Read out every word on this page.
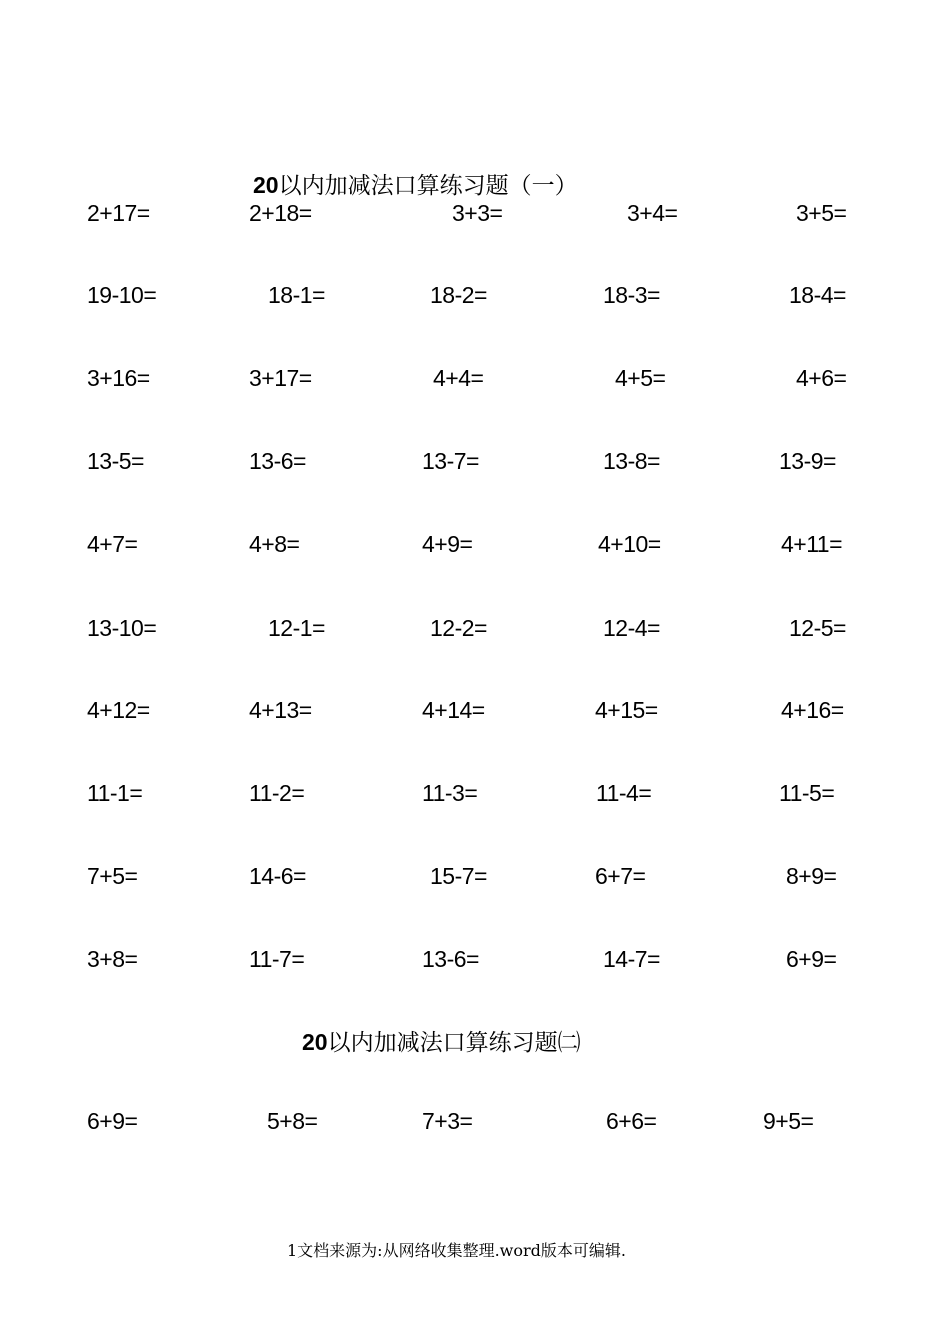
20以内加减法口算练习题（一）
2+17=	2+18=	3+3=	3+4=	3+5=
19-10=	18-1=	18-2=	18-3=	18-4=
3+16=	3+17=	4+4=	4+5=	4+6=
13-5=	13-6=	13-7=	13-8=	13-9=
4+7=	4+8=	4+9=	4+10=	4+11=
13-10=	12-1=	12-2=	12-4=	12-5=
4+12=	4+13=	4+14=	4+15=	4+16=
11-1=	11-2=	11-3=	11-4=	11-5=
7+5=	14-6=	15-7=	6+7=	8+9=
3+8=	11-7=	13-6=	14-7=	6+9=
20以内加减法口算练习题㈡
6+9=	5+8=	7+3=	6+6=	9+5=
1文档来源为:从网络收集整理.word版本可编辑.
